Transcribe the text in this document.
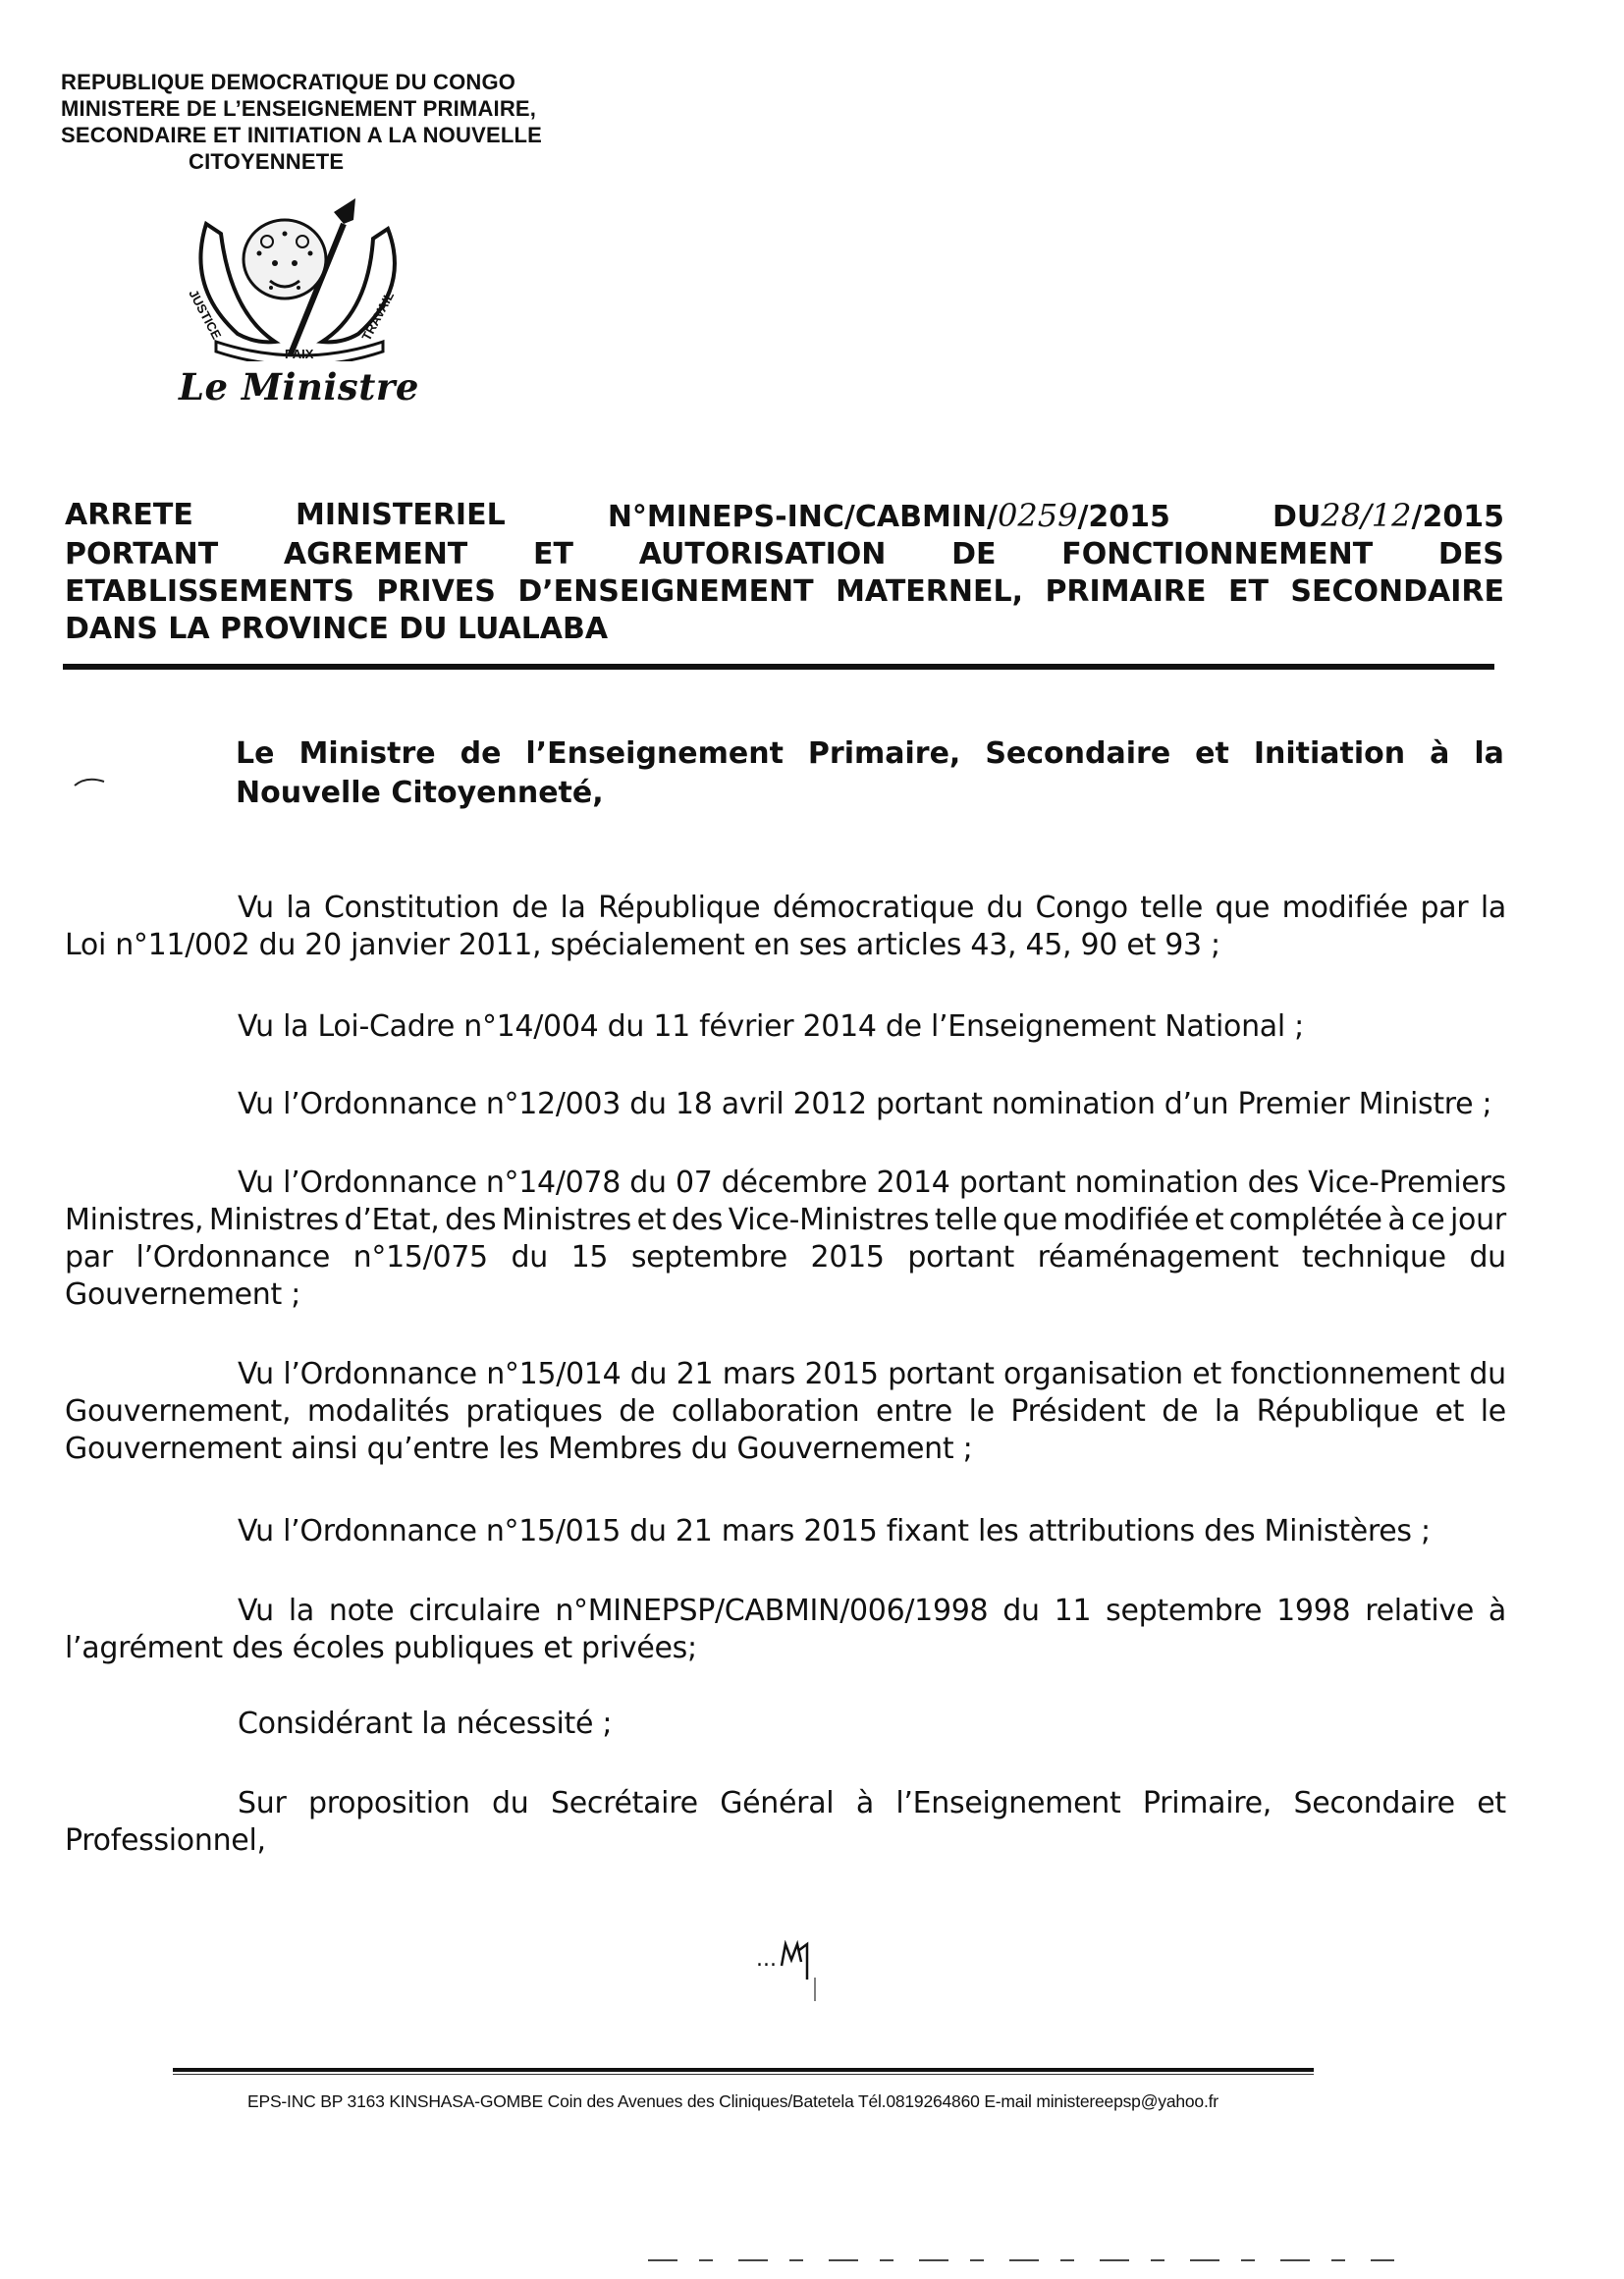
REPUBLIQUE DEMOCRATIQUE DU CONGO
MINISTERE DE L’ENSEIGNEMENT PRIMAIRE,
SECONDAIRE ET INITIATION A LA NOUVELLE
CITOYENNETE
JUSTICE
PAIX
TRAVAIL
Le Ministre
ARRETE	MINISTERIEL	N°MINEPS-INC/CABMIN/0259/2015	DU28/12/2015
PORTANT AGREMENT ET AUTORISATION DE FONCTIONNEMENT DES
ETABLISSEMENTS PRIVES D’ENSEIGNEMENT MATERNEL, PRIMAIRE ET SECONDAIRE
DANS LA PROVINCE DU LUALABA
Le Ministre de l’Enseignement Primaire, Secondaire et Initiation à la
Nouvelle Citoyenneté,
Vu la Constitution de la République démocratique du Congo telle que modifiée par la
Loi n°11/002 du 20 janvier 2011, spécialement en ses articles 43, 45, 90 et 93 ;
Vu la Loi-Cadre n°14/004 du 11 février 2014 de l’Enseignement National ;
Vu l’Ordonnance n°12/003 du 18 avril 2012 portant nomination d’un Premier Ministre ;
Vu l’Ordonnance n°14/078 du 07 décembre 2014 portant nomination des Vice-Premiers
Ministres, Ministres d’Etat, des Ministres et des Vice-Ministres telle que modifiée et complétée à ce jour
par l’Ordonnance n°15/075 du 15 septembre 2015 portant réaménagement technique du
Gouvernement ;
Vu l’Ordonnance n°15/014 du 21 mars 2015 portant organisation et fonctionnement du
Gouvernement, modalités pratiques de collaboration entre le Président de la République et le
Gouvernement ainsi qu’entre les Membres du Gouvernement ;
Vu l’Ordonnance n°15/015 du 21 mars 2015 fixant les attributions des Ministères ;
Vu la note circulaire n°MINEPSP/CABMIN/006/1998 du 11 septembre 1998 relative à
l’agrément des écoles publiques et privées;
Considérant la nécessité ;
Sur proposition du Secrétaire Général à l’Enseignement Primaire, Secondaire et
Professionnel,
...
EPS-INC BP 3163 KINSHASA-GOMBE Coin des Avenues des Cliniques/Batetela Tél.0819264860 E-mail ministereepsp@yahoo.fr
